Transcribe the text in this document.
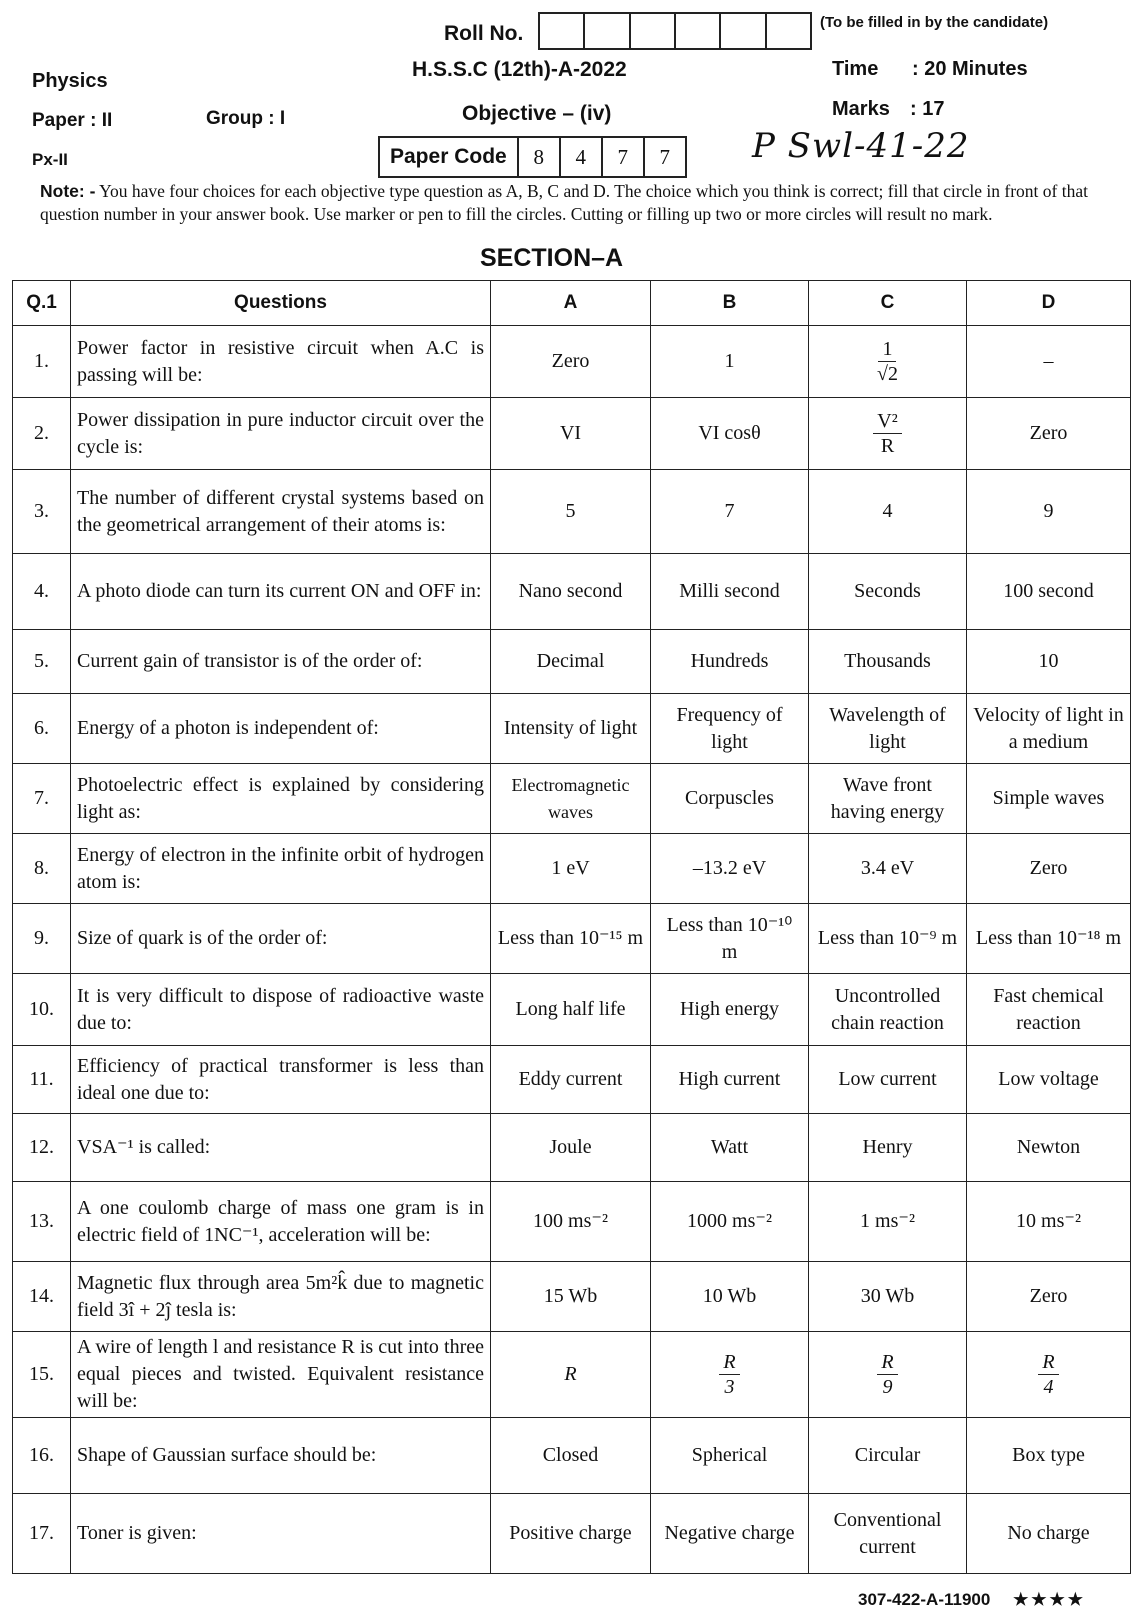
Roll No.	(To be filled in by the candidate)
Physics	H.S.S.C (12th)-A-2022	Time : 20 Minutes
Paper : II	Group : I	Objective – (iv)	Marks : 17
Px-II	Paper Code	8	4	7	7	P Swl-41-22
Note: - You have four choices for each objective type question as A, B, C and D. The choice which you think is correct; fill that circle in front of that question number in your answer book. Use marker or pen to fill the circles. Cutting or filling up two or more circles will result no mark.
SECTION–A
Q.1	Questions	A	B	C	D
1.	Power factor in resistive circuit when A.C is passing will be:	Zero	1	$\frac{1}{√2}$	–
2.	Power dissipation in pure inductor circuit over the cycle is:	VI	VI cosθ	$\frac{\text{V²}}{R}$	Zero
3.	The number of different crystal systems based on the geometrical arrangement of their atoms is:	5	7	4	9
4.	A photo diode can turn its current ON and OFF in:	Nano second	Milli second	Seconds	100 second
5.	Current gain of transistor is of the order of:	Decimal	Hundreds	Thousands	10
6.	Energy of a photon is independent of:	Intensity of light	Frequency of light	Wavelength of light	Velocity of light in a medium
7.	Photoelectric effect is explained by considering light as:	Electromagnetic waves	Corpuscles	Wave front having energy	Simple waves
8.	Energy of electron in the infinite orbit of hydrogen atom is:	1 eV	–13.2 eV	3.4 eV	Zero
9.	Size of quark is of the order of:	Less than 10⁻¹⁵ m	Less than 10⁻¹⁰ m	Less than 10⁻⁹ m	Less than 10⁻¹⁸ m
10.	It is very difficult to dispose of radioactive waste due to:	Long half life	High energy	Uncontrolled chain reaction	Fast chemical reaction
11.	Efficiency of practical transformer is less than ideal one due to:	Eddy current	High current	Low current	Low voltage
12.	VSA⁻¹ is called:	Joule	Watt	Henry	Newton
13.	A one coulomb charge of mass one gram is in electric field of 1NC⁻¹, acceleration will be:	100 ms⁻²	1000 ms⁻²	1 ms⁻²	10 ms⁻²
14.	Magnetic flux through area 5m²k̂ due to magnetic field 3î + 2ĵ tesla is:	15 Wb	10 Wb	30 Wb	Zero
15.	A wire of length l and resistance R is cut into three equal pieces and twisted. Equivalent resistance will be:	R	$\frac{R}{3}$	$\frac{R}{9}$	$\frac{R}{4}$

16.	Shape of Gaussian surface should be:	Closed	Spherical	Circular	Box type
17.	Toner is given:	Positive charge	Negative charge	Conventional current	No charge
307-422-A-11900 ★★★★
